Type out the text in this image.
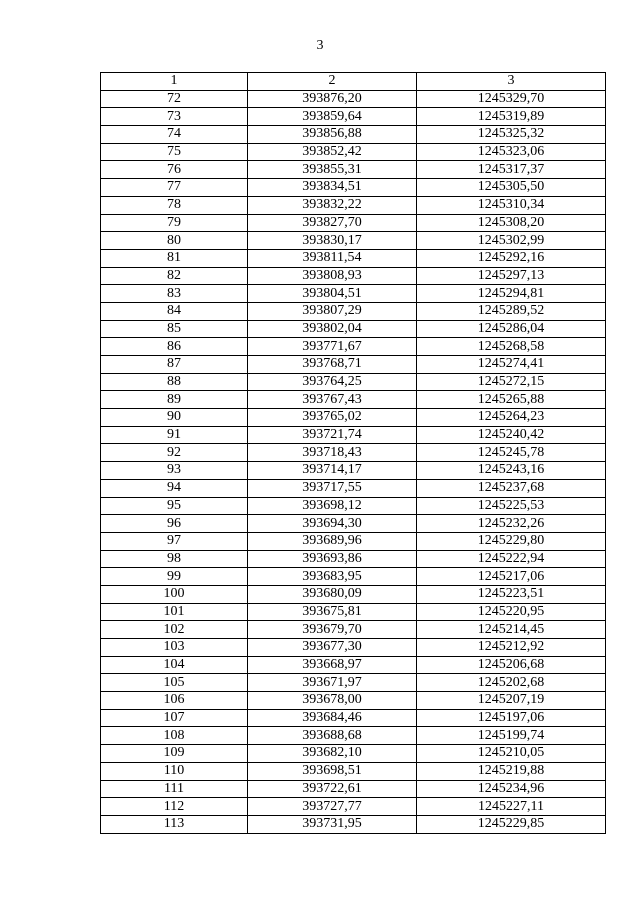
3
1	2	3
72	393876,20	1245329,70
73	393859,64	1245319,89
74	393856,88	1245325,32
75	393852,42	1245323,06
76	393855,31	1245317,37
77	393834,51	1245305,50
78	393832,22	1245310,34
79	393827,70	1245308,20
80	393830,17	1245302,99
81	393811,54	1245292,16
82	393808,93	1245297,13
83	393804,51	1245294,81
84	393807,29	1245289,52
85	393802,04	1245286,04
86	393771,67	1245268,58
87	393768,71	1245274,41
88	393764,25	1245272,15
89	393767,43	1245265,88
90	393765,02	1245264,23
91	393721,74	1245240,42
92	393718,43	1245245,78
93	393714,17	1245243,16
94	393717,55	1245237,68
95	393698,12	1245225,53
96	393694,30	1245232,26
97	393689,96	1245229,80
98	393693,86	1245222,94
99	393683,95	1245217,06
100	393680,09	1245223,51
101	393675,81	1245220,95
102	393679,70	1245214,45
103	393677,30	1245212,92
104	393668,97	1245206,68
105	393671,97	1245202,68
106	393678,00	1245207,19
107	393684,46	1245197,06
108	393688,68	1245199,74
109	393682,10	1245210,05
110	393698,51	1245219,88
111	393722,61	1245234,96
112	393727,77	1245227,11
113	393731,95	1245229,85
